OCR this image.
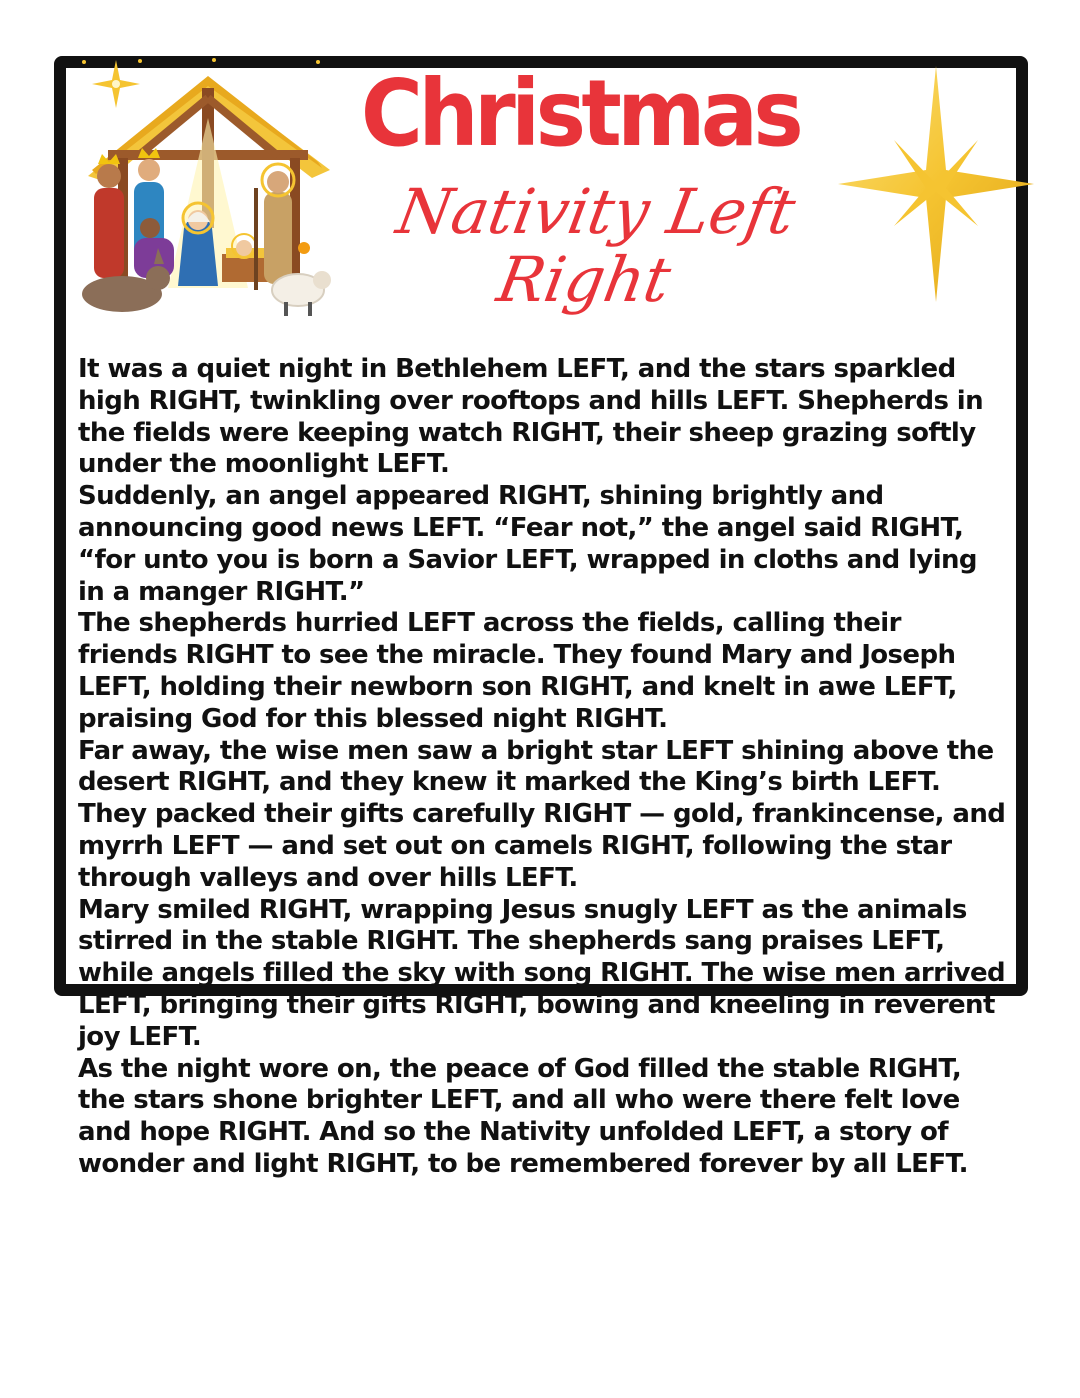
Christmas
Nativity Left Right

It was a quiet night in Bethlehem LEFT, and the stars sparkled high RIGHT, twinkling over rooftops and hills LEFT. Shepherds in the fields were keeping watch RIGHT, their sheep grazing softly under the moonlight LEFT.

Suddenly, an angel appeared RIGHT, shining brightly and announcing good news LEFT. “Fear not,” the angel said RIGHT, “for unto you is born a Savior LEFT, wrapped in cloths and lying in a manger RIGHT.”

The shepherds hurried LEFT across the fields, calling their friends RIGHT to see the miracle. They found Mary and Joseph LEFT, holding their newborn son RIGHT, and knelt in awe LEFT, praising God for this blessed night RIGHT.

Far away, the wise men saw a bright star LEFT shining above the desert RIGHT, and they knew it marked the King’s birth LEFT. They packed their gifts carefully RIGHT — gold, frankincense, and myrrh LEFT — and set out on camels RIGHT, following the star through valleys and over hills LEFT.

Mary smiled RIGHT, wrapping Jesus snugly LEFT as the animals stirred in the stable RIGHT. The shepherds sang praises LEFT, while angels filled the sky with song RIGHT. The wise men arrived LEFT, bringing their gifts RIGHT, bowing and kneeling in reverent joy LEFT.

As the night wore on, the peace of God filled the stable RIGHT, the stars shone brighter LEFT, and all who were there felt love and hope RIGHT. And so the Nativity unfolded LEFT, a story of wonder and light RIGHT, to be remembered forever by all LEFT.
